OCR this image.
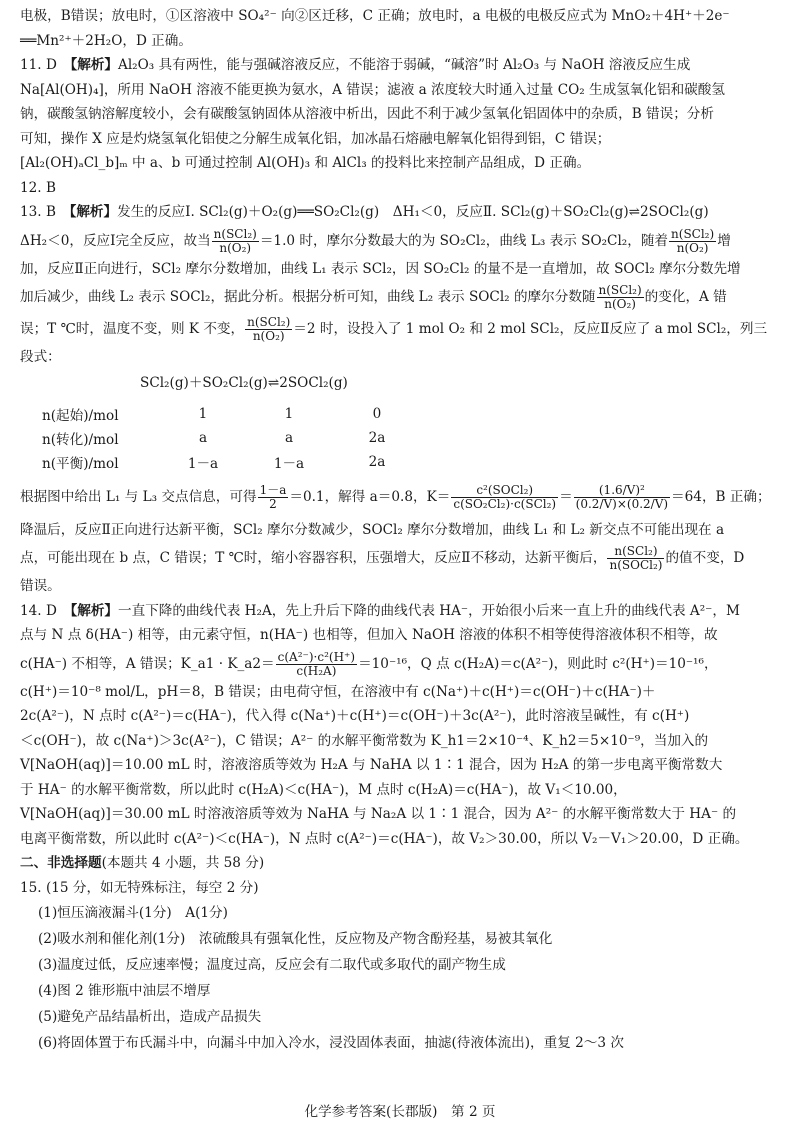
电极，B错误；放电时，①区溶液中 SO₄²⁻ 向②区迁移，C 正确；放电时，a 电极的电极反应式为 MnO₂＋4H⁺＋2e⁻

══Mn²⁺＋2H₂O，D 正确。

11. D　 【解析】Al₂O₃ 具有两性，能与强碱溶液反应，不能溶于弱碱，“碱溶”时 Al₂O₃ 与 NaOH 溶液反应生成

Na[Al(OH)₄]，所用 NaOH 溶液不能更换为氨水，A 错误；滤液 a 浓度较大时通入过量 CO₂ 生成氢氧化铝和碳酸氢

钠，碳酸氢钠溶解度较小，会有碳酸氢钠固体从溶液中析出，因此不利于减少氢氧化铝固体中的杂质，B 错误；分析

可知，操作 X 应是灼烧氢氧化铝使之分解生成氧化铝，加冰晶石熔融电解氧化铝得到铝，C 错误；

[Al₂(OH)ₐCl_b]ₘ 中 a、b 可通过控制 Al(OH)₃ 和 AlCl₃ 的投料比来控制产品组成，D 正确。

12. B

13. B　 【解析】发生的反应Ⅰ. SCl₂(g)＋O₂(g)══SO₂Cl₂(g)　ΔH₁＜0，反应Ⅱ. SCl₂(g)＋SO₂Cl₂(g)⇌2SOCl₂(g)

ΔH₂＜0，反应Ⅰ完全反应，故当 n(SCl₂)
n(O₂) ＝1.0 时，摩尔分数最大的为 SO₂Cl₂，曲线 L₃ 表示 SO₂Cl₂，随着 n(SCl₂)
n(O₂) 增

加，反应Ⅱ正向进行，SCl₂ 摩尔分数增加，曲线 L₁ 表示 SCl₂，因 SO₂Cl₂ 的量不是一直增加，故 SOCl₂ 摩尔分数先增

加后减少，曲线 L₂ 表示 SOCl₂，据此分析。根据分析可知，曲线 L₂ 表示 SOCl₂ 的摩尔分数随 n(SCl₂)
n(O₂) 的变化，A 错

误；T ℃时，温度不变，则 K 不变， n(SCl₂)
n(O₂) ＝2 时，设投入了 1 mol O₂ 和 2 mol SCl₂，反应Ⅱ反应了 a mol SCl₂，列三

段式：

SCl₂(g)＋SO₂Cl₂(g)⇌2SOCl₂(g)
n(起始)/mol	1	1	0
n(转化)/mol	a	a	2a
n(平衡)/mol	1－a	1－a	2a

根据图中给出 L₁ 与 L₃ 交点信息，可得 $\frac{1-a}{2} =0.1$，解得 a＝0.8，K＝	c²(SOCl₂)
$c(SO_2Cl_2)\cdot c(SCl_2) = \frac{\text{(1.6/V)²}}{(0.2/V)\times(0.2/V)} =64$，B 正确；

降温后，反应Ⅱ正向进行达新平衡，SCl₂ 摩尔分数减少，SOCl₂ 摩尔分数增加，曲线 L₁ 和 L₂ 新交点不可能出现在 a

点，可能出现在 b 点，C 错误；T ℃时，缩小容器容积，压强增大，反应Ⅱ不移动，达新平衡后， n(SCl₂)
n(SOCl₂) 的值不变，D

错误。

14. D　 【解析】一直下降的曲线代表 H₂A，先上升后下降的曲线代表 HA⁻，开始很小后来一直上升的曲线代表 A²⁻，M

点与 N 点 δ(HA⁻) 相等，由元素守恒，n(HA⁻) 也相等，但加入 NaOH 溶液的体积不相等使得溶液体积不相等，故

c(HA⁻) 不相等，A 错误；K_a1 · K_a2＝ $\frac{\text{c(A²⁻)·c²(H⁺)}}{\text{c(H₂A)}} =10^{-16}$，Q 点 c(H₂A)＝c(A²⁻)，则此时 c²(H⁺)＝10⁻¹⁶，

c(H⁺)＝10⁻⁸ mol/L，pH＝8，B 错误；由电荷守恒，在溶液中有 c(Na⁺)＋c(H⁺)＝c(OH⁻)＋c(HA⁻)＋

2c(A²⁻)，N 点时 c(A²⁻)＝c(HA⁻)，代入得 c(Na⁺)＋c(H⁺)＝c(OH⁻)＋3c(A²⁻)，此时溶液呈碱性，有 c(H⁺)

＜c(OH⁻)，故 c(Na⁺)＞3c(A²⁻)，C 错误；A²⁻ 的水解平衡常数为 K_h1＝2×10⁻⁴、K_h2＝5×10⁻⁹，当加入的

V[NaOH(aq)]＝10.00 mL 时，溶液溶质等效为 H₂A 与 NaHA 以 1∶1 混合，因为 H₂A 的第一步电离平衡常数大

于 HA⁻ 的水解平衡常数，所以此时 c(H₂A)＜c(HA⁻)，M 点时 c(H₂A)＝c(HA⁻)，故 V₁＜10.00，

V[NaOH(aq)]＝30.00 mL 时溶液溶质等效为 NaHA 与 Na₂A 以 1∶1 混合，因为 A²⁻ 的水解平衡常数大于 HA⁻ 的

电离平衡常数，所以此时 c(A²⁻)＜c(HA⁻)，N 点时 c(A²⁻)＝c(HA⁻)，故 V₂＞30.00，所以 V₂－V₁＞20.00，D 正确。

二、非选择题(本题共 4 小题，共 58 分)

15. (15 分，如无特殊标注，每空 2 分)

(1)恒压滴液漏斗(1分)　A(1分)

(2)吸水剂和催化剂(1分)　浓硫酸具有强氧化性，反应物及产物含酚羟基，易被其氧化

(3)温度过低，反应速率慢；温度过高，反应会有二取代或多取代的副产物生成

(4)图 2 锥形瓶中油层不增厚

(5)避免产品结晶析出，造成产品损失

(6)将固体置于布氏漏斗中，向漏斗中加入冷水，浸没固体表面，抽滤(待液体流出)，重复 2～3 次

化学参考答案(长郡版)　第 2 页
